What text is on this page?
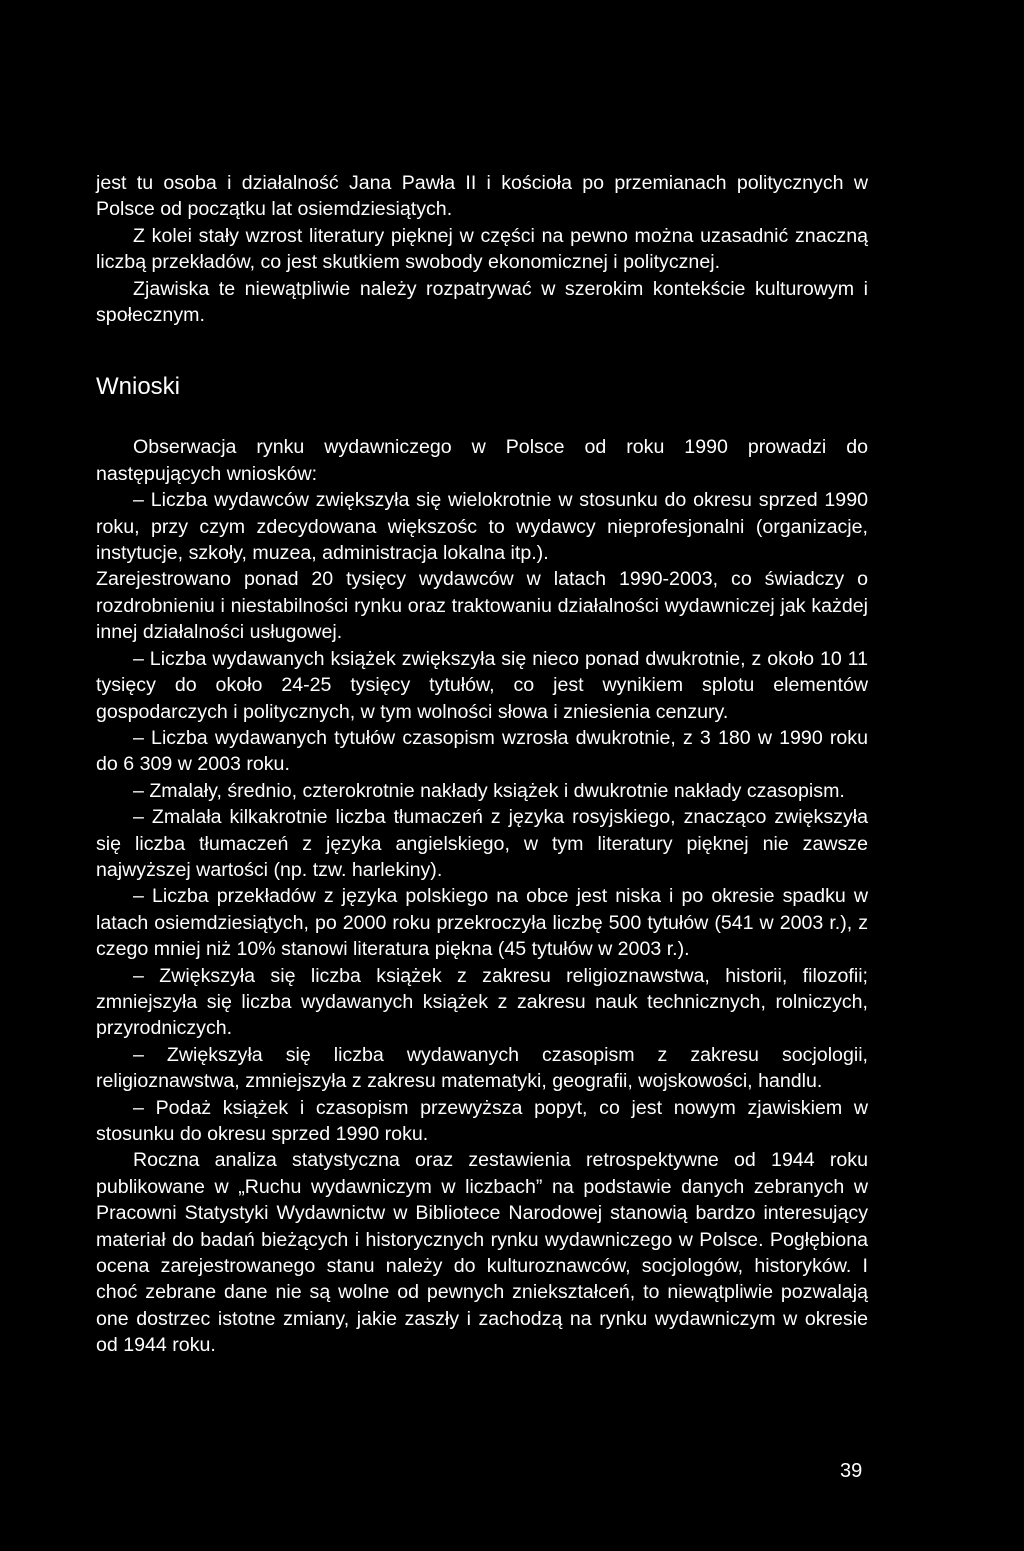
jest tu osoba i działalność Jana Pawła II i kościoła po przemianach politycznych w Polsce od początku lat osiemdziesiątych.

Z kolei stały wzrost literatury pięknej w części na pewno można uzasadnić znaczną liczbą przekładów, co jest skutkiem swobody ekonomicznej i politycznej.

Zjawiska te niewątpliwie należy rozpatrywać w szerokim kontekście kulturowym i społecznym.

Wnioski

Obserwacja rynku wydawniczego w Polsce od roku 1990 prowadzi do następujących wniosków:

– Liczba wydawców zwiększyła się wielokrotnie w stosunku do okresu sprzed 1990 roku, przy czym zdecydowana większośc to wydawcy nieprofesjonalni (organizacje, instytucje, szkoły, muzea, administracja lokalna itp.).

Zarejestrowano ponad 20 tysięcy wydawców w latach 1990-2003, co świadczy o rozdrobnieniu i niestabilności rynku oraz traktowaniu działalności wydawniczej jak każdej innej działalności usługowej.

– Liczba wydawanych książek zwiększyła się nieco ponad dwukrotnie, z około 10 11 tysięcy do około 24-25 tysięcy tytułów, co jest wynikiem splotu elementów gospodarczych i politycznych, w tym wolności słowa i zniesienia cenzury.

– Liczba wydawanych tytułów czasopism wzrosła dwukrotnie, z 3 180 w 1990 roku do 6 309 w 2003 roku.

– Zmalały, średnio, czterokrotnie nakłady książek i dwukrotnie nakłady czasopism.

– Zmalała kilkakrotnie liczba tłumaczeń z języka rosyjskiego, znacząco zwiększyła się liczba tłumaczeń z języka angielskiego, w tym literatury pięknej nie zawsze najwyższej wartości (np. tzw. harlekiny).

– Liczba przekładów z języka polskiego na obce jest niska i po okresie spadku w latach osiemdziesiątych, po 2000 roku przekroczyła liczbę 500 tytułów (541 w 2003 r.), z czego mniej niż 10% stanowi literatura piękna (45 tytułów w 2003 r.).

– Zwiększyła się liczba książek z zakresu religioznawstwa, historii, filozofii; zmniejszyła się liczba wydawanych książek z zakresu nauk technicznych, rolniczych, przyrodniczych.

– Zwiększyła się liczba wydawanych czasopism z zakresu socjologii, religioznawstwa, zmniejszyła z zakresu matematyki, geografii, wojskowości, handlu.

– Podaż książek i czasopism przewyższa popyt, co jest nowym zjawiskiem w stosunku do okresu sprzed 1990 roku.

Roczna analiza statystyczna oraz zestawienia retrospektywne od 1944 roku publikowane w „Ruchu wydawniczym w liczbach” na podstawie danych zebranych w Pracowni Statystyki Wydawnictw w Bibliotece Narodowej stanowią bardzo interesujący materiał do badań bieżących i historycznych rynku wydawniczego w Polsce. Pogłębiona ocena zarejestrowanego stanu należy do kulturoznawców, socjologów, historyków. I choć zebrane dane nie są wolne od pewnych zniekształceń, to niewątpliwie pozwalają one dostrzec istotne zmiany, jakie zaszły i zachodzą na rynku wydawniczym w okresie od 1944 roku.

39
